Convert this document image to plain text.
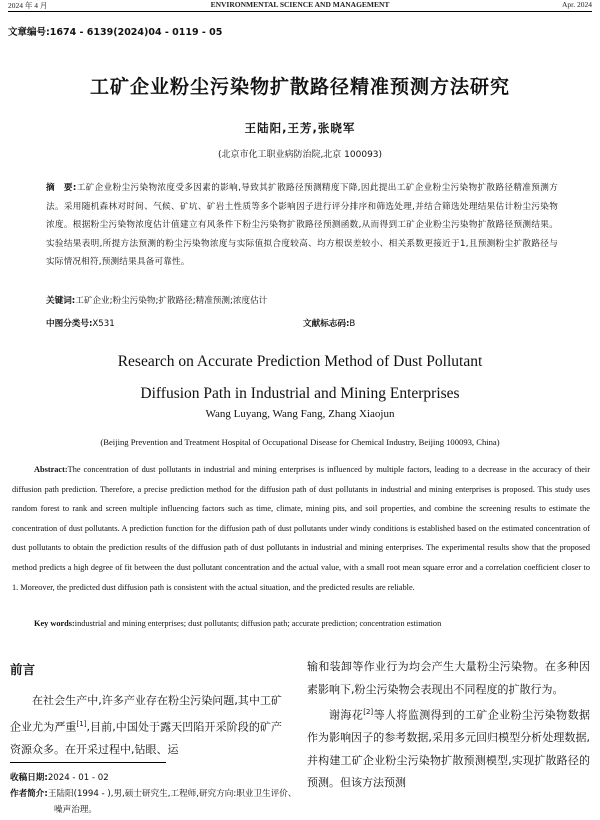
2024 年 4 月	ENVIRONMENTAL SCIENCE AND MANAGEMENT	Apr. 2024
文章编号:1674 - 6139(2024)04 - 0119 - 05
工矿企业粉尘污染物扩散路径精准预测方法研究
王陆阳,王芳,张晓军
(北京市化工职业病防治院,北京 100093)
摘　要:工矿企业粉尘污染物浓度受多因素的影响,导致其扩散路径预测精度下降,因此提出工矿企业粉尘污染物扩散路径精准预测方法。采用随机森林对时间、气候、矿坑、矿岩土性质等多个影响因子进行评分排序和筛选处理,并结合筛选处理结果估计粉尘污染物浓度。根据粉尘污染物浓度估计值建立有风条件下粉尘污染物扩散路径预测函数,从而得到工矿企业粉尘污染物扩散路径预测结果。实验结果表明,所提方法预测的粉尘污染物浓度与实际值拟合度较高、均方根误差较小、相关系数更接近于1,且预测粉尘扩散路径与实际情况相符,预测结果具备可靠性。
关键词:工矿企业;粉尘污染物;扩散路径;精准预测;浓度估计
中图分类号:X531	文献标志码:B
Research on Accurate Prediction Method of Dust Pollutant
Diffusion Path in Industrial and Mining Enterprises
Wang Luyang, Wang Fang, Zhang Xiaojun
(Beijing Prevention and Treatment Hospital of Occupational Disease for Chemical Industry, Beijing 100093, China)
Abstract:The concentration of dust pollutants in industrial and mining enterprises is influenced by multiple factors, leading to a decrease in the accuracy of their diffusion path prediction. Therefore, a precise prediction method for the diffusion path of dust pollutants in industrial and mining enterprises is proposed. This study uses random forest to rank and screen multiple influencing factors such as time, climate, mining pits, and soil properties, and combine the screening results to estimate the concentration of dust pollutants. A prediction function for the diffusion path of dust pollutants under windy conditions is established based on the estimated concentration of dust pollutants to obtain the prediction results of the diffusion path of dust pollutants in industrial and mining enterprises. The experimental results show that the proposed method predicts a high degree of fit between the dust pollutant concentration and the actual value, with a small root mean square error and a correlation coefficient closer to 1. Moreover, the predicted dust diffusion path is consistent with the actual situation, and the predicted results are reliable.
Key words:industrial and mining enterprises; dust pollutants; diffusion path; accurate prediction; concentration estimation
前言
在社会生产中,许多产业存在粉尘污染问题,其中工矿企业尤为严重[1],目前,中国处于露天凹陷开采阶段的矿产资源众多。在开采过程中,钻眼、运
输和装卸等作业行为均会产生大量粉尘污染物。在多种因素影响下,粉尘污染物会表现出不同程度的扩散行为。
谢海花[2]等人将监测得到的工矿企业粉尘污染物数据作为影响因子的参考数据,采用多元回归模型分析处理数据,并构建工矿企业粉尘污染物扩散预测模型,实现扩散路径的预测。但该方法预测
收稿日期:2024 - 01 - 02
作者简介:王陆阳(1994 - ),男,硕士研究生,工程师,研究方向:职业卫生评价、噪声治理。
